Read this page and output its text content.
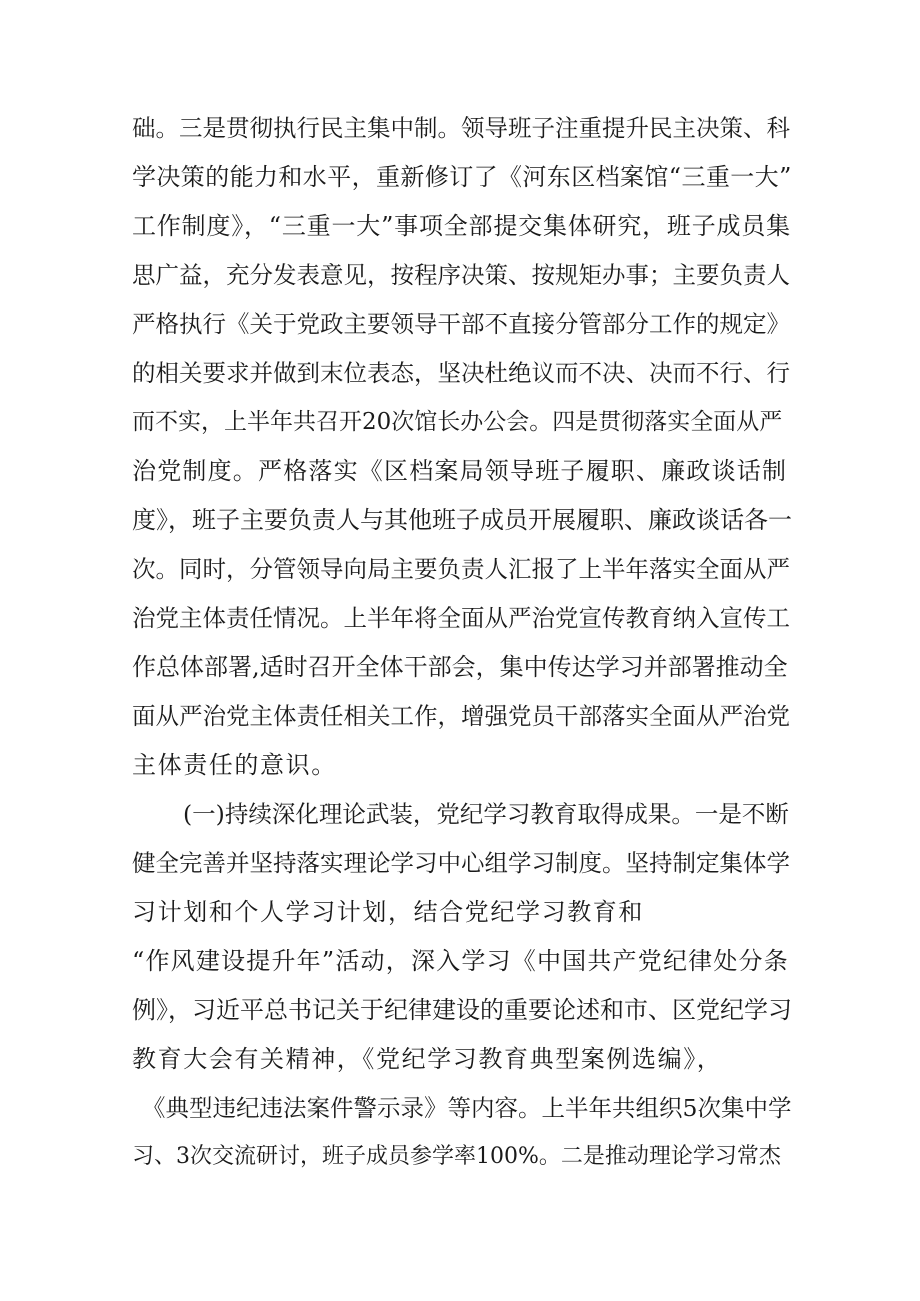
础。三是贯彻执行民主集中制。领导班子注重提升民主决策、科
学决策的能力和水平，重新修订了《河东区档案馆“三重一大”
工作制度》，“三重一大”事项全部提交集体研究，班子成员集
思广益，充分发表意见，按程序决策、按规矩办事；主要负责人
严格执行《关于党政主要领导干部不直接分管部分工作的规定》
的相关要求并做到末位表态，坚决杜绝议而不决、决而不行、行
而不实，上半年共召开20次馆长办公会。四是贯彻落实全面从严
治党制度。严格落实《区档案局领导班子履职、廉政谈话制
度》，班子主要负责人与其他班子成员开展履职、廉政谈话各一
次。同时，分管领导向局主要负责人汇报了上半年落实全面从严
治党主体责任情况。上半年将全面从严治党宣传教育纳入宣传工
作总体部署,适时召开全体干部会，集中传达学习并部署推动全
面从严治党主体责任相关工作，增强党员干部落实全面从严治党
主体责任的意识。
(一)持续深化理论武装，党纪学习教育取得成果。一是不断
健全完善并坚持落实理论学习中心组学习制度。坚持制定集体学
习计划和个人学习计划，结合党纪学习教育和
“作风建设提升年”活动，深入学习《中国共产党纪律处分条
例》，习近平总书记关于纪律建设的重要论述和市、区党纪学习
教育大会有关精神，《党纪学习教育典型案例选编》，
《典型违纪违法案件警示录》等内容。上半年共组织5次集中学
习、3次交流研讨，班子成员参学率100%。二是推动理论学习常杰
